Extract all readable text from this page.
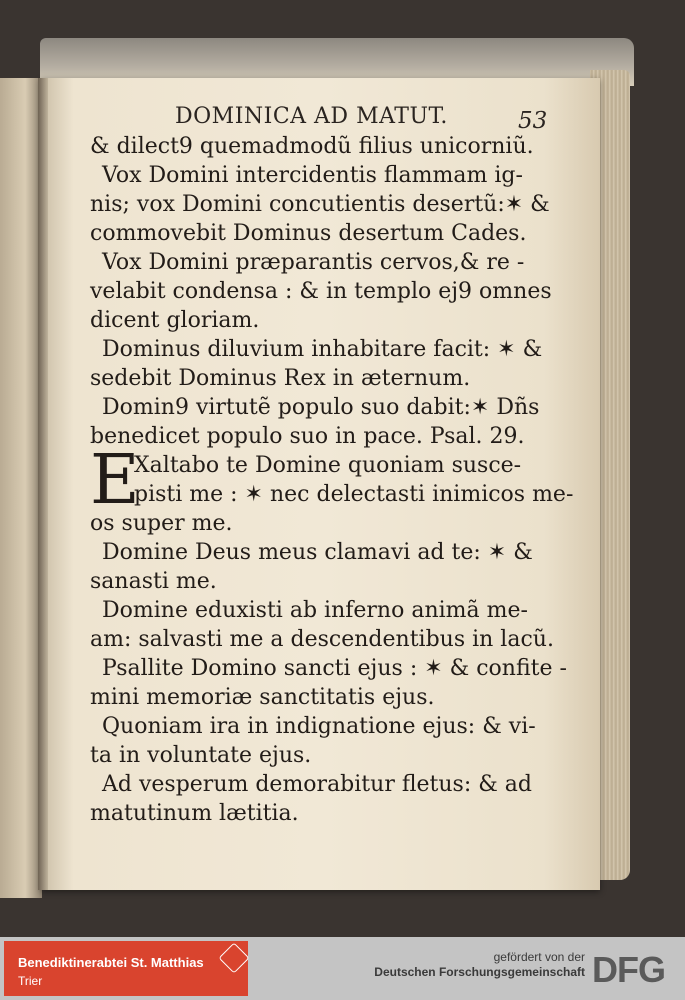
DOMINICA AD MATUT.	53
& dilect9 quemadmodũ filius unicorniũ.
Vox Domini intercidentis flammam ig-
nis; vox Domini concutientis desertũ:✶ &
commovebit Dominus desertum Cades.
Vox Domini præparantis cervos,& re -
velabit condensa : & in templo ej9 omnes
dicent gloriam.
Dominus diluvium inhabitare facit: ✶ &
sedebit Dominus Rex in æternum.
Domin9 virtutẽ populo suo dabit:✶ Dñs
benedicet populo suo in pace. Psal. 29.
E
Xaltabo te Domine quoniam susce-
pisti me : ✶ nec delectasti inimicos me-
os super me.
Domine Deus meus clamavi ad te: ✶ &
sanasti me.
Domine eduxisti ab inferno animã me-
am: salvasti me a descendentibus in lacũ.
Psallite Domino sancti ejus : ✶ & confite -
mini memoriæ sanctitatis ejus.
Quoniam ira in indignatione ejus: & vi-
ta in voluntate ejus.
Ad vesperum demorabitur fletus: & ad
matutinum lætitia.
Benediktinerabtei St. Matthias
Trier
gefördert von der
Deutschen Forschungsgemeinschaft DFG
